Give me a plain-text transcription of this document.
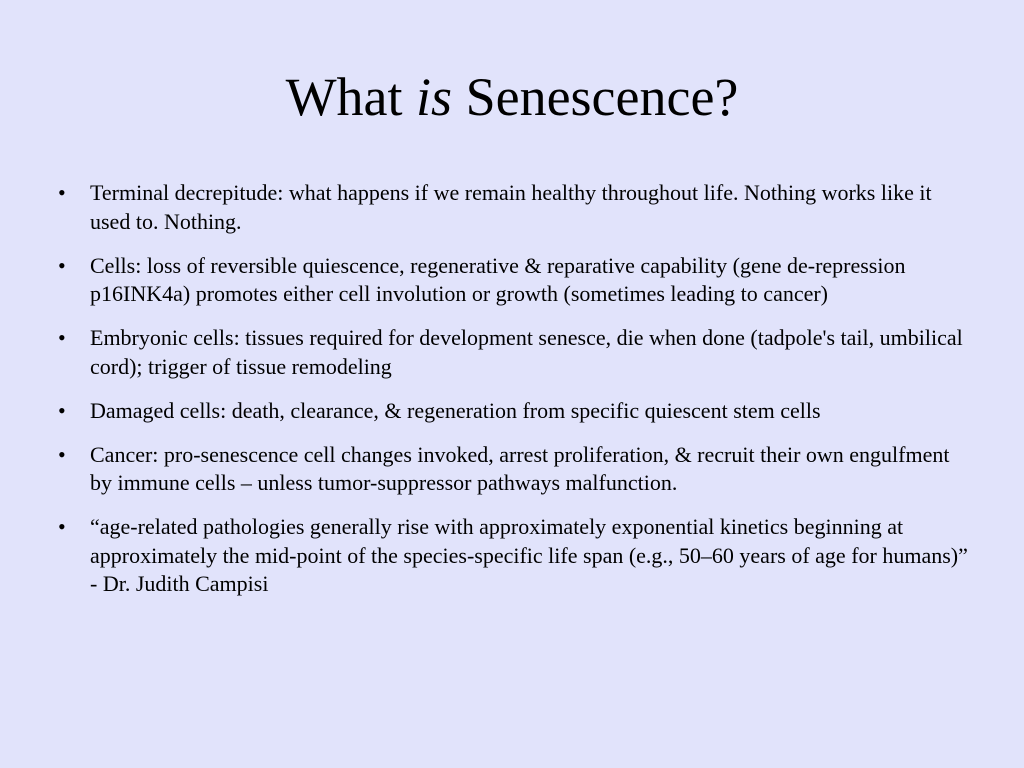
What is Senescence?
• Terminal decrepitude: what happens if we remain healthy throughout life. Nothing works like it used to. Nothing.
• Cells: loss of reversible quiescence, regenerative & reparative capability (gene de-repression p16INK4a) promotes either cell involution or growth (sometimes leading to cancer)
• Embryonic cells: tissues required for development senesce, die when done (tadpole's tail, umbilical cord); trigger of tissue remodeling
• Damaged cells: death, clearance, & regeneration from specific quiescent stem cells
• Cancer: pro-senescence cell changes invoked, arrest proliferation, & recruit their own engulfment by immune cells – unless tumor-suppressor pathways malfunction.
• “age-related pathologies generally rise with approximately exponential kinetics beginning at approximately the mid-point of the species-specific life span (e.g., 50–60 years of age for humans)” - Dr. Judith Campisi
